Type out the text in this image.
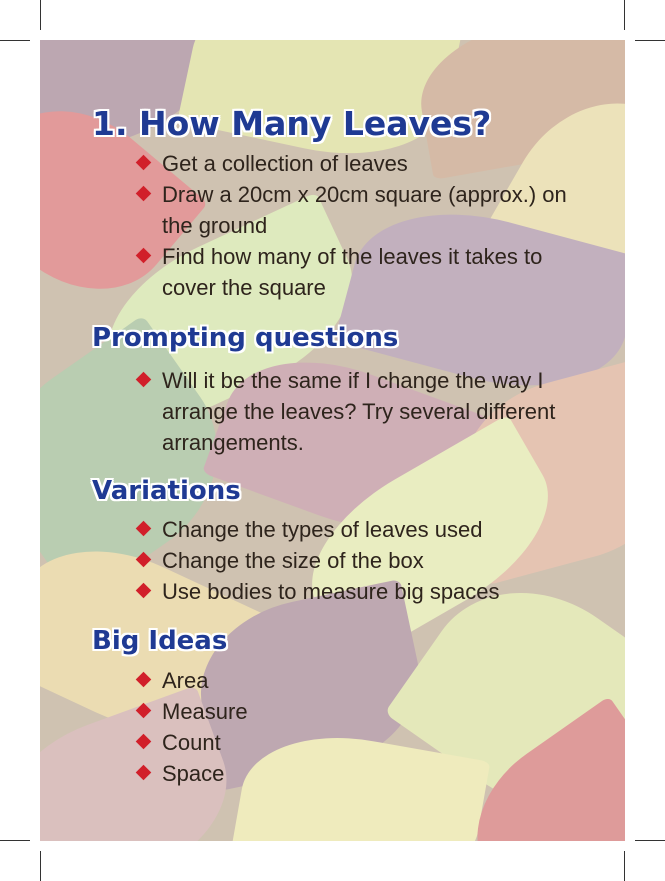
1. How Many Leaves?
Get a collection of leaves
Draw a 20cm x 20cm square (approx.) on the ground
Find how many of the leaves it takes to cover the square
Prompting questions
Will it be the same if I change the way I arrange the leaves? Try several different arrangements.
Variations
Change the types of leaves used
Change the size of the box
Use bodies to measure big spaces
Big Ideas
Area
Measure
Count
Space
